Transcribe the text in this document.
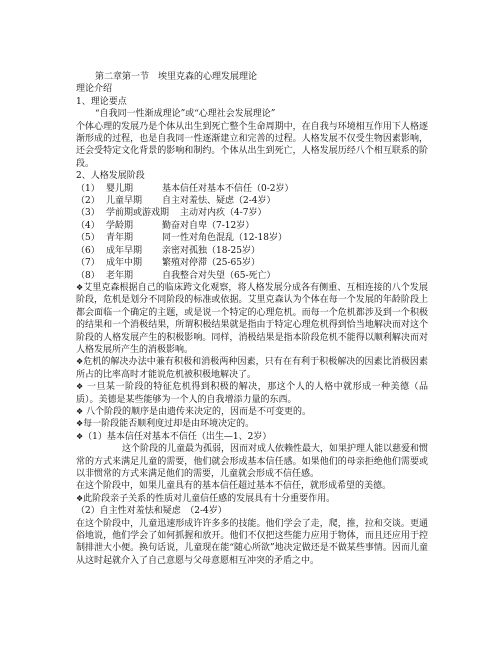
第二章第一节　埃里克森的心理发展理论
理论介绍
1、理论要点
“自我同一性渐成理论”或“心理社会发展理论”
个体心理的发展乃是个体从出生到死亡整个生命周期中，在自我与环境相互作用下人格逐渐形成的过程，也是自我同一性逐渐建立和完善的过程。人格发展不仅受生物因素影响，还会受特定文化背景的影响和制约。个体从出生到死亡，人格发展历经八个相互联系的阶段。
2、人格发展阶段
（1） 婴儿期	基本信任对基本不信任（0-2岁）
（2） 儿童早期	自主对羞怯、疑虑（2-4岁）
（3） 学前期或游戏期	主动对内疚（4-7岁）
（4） 学龄期	勤奋对自卑（7-12岁）
（5） 青年期	同一性对角色混乱（12-18岁）
（6） 成年早期	亲密对孤独（18-25岁）
（7） 成年中期	繁殖对停滞（25-65岁）
（8） 老年期	自我整合对失望（65-死亡）
❖艾里克森根据自己的临床跨文化观察，将人格发展分成各有侧重、互相连接的八个发展阶段，危机是划分不同阶段的标准或依据。艾里克森认为个体在每一个发展的年龄阶段上都会面临一个确定的主题，或是说一个特定的心理危机。而每一个危机都涉及到一个积极的结果和一个消极结果，所谓积极结果就是指由于特定心理危机得到恰当地解决而对这个阶段的人格发展产生的积极影响。同样，消极结果是指本阶段危机不能得以顺利解决而对人格发展所产生的消极影响。
❖危机的解决办法中兼有积极和消极两种因素，只有在有利于积极解决的因素比消极因素所占的比率高时才能说危机被积极地解决了。
❖ 一旦某一阶段的特征危机得到积极的解决，那这个人的人格中就形成一种美德（品质）。美德是某些能够为一个人的自我增添力量的东西。
❖ 八个阶段的顺序是由遗传来决定的，因而是不可变更的。
❖每一阶段能否顺利度过却是由环境决定的。
❖（1）基本信任对基本不信任（出生—1、2岁）
这个阶段的儿童最为孤弱，因而对成人依赖性最大，如果护理人能以慈爱和惯常的方式来满足儿童的需要，他们就会形成基本信任感。如果他们的母亲拒绝他们需要或以非惯常的方式来满足他们的需要，儿童就会形成不信任感。
在这个阶段中，如果儿童具有的基本信任超过基本不信任，就形成希望的美德。
❖此阶段亲子关系的性质对儿童信任感的发展具有十分重要作用。
（2）自主性对羞怯和疑虑　（2-4岁）
在这个阶段中，儿童迅速形成许许多多的技能。他们学会了走，爬，推，拉和交谈。更通俗地说，他们学会了如何抓握和放开。他们不仅把这些能力应用于物体，而且还应用于控制排泄大小便。换句话说，儿童现在能“随心所欲”地决定做还是不做某些事情。因而儿童从这时起就介入了自己意愿与父母意愿相互冲突的矛盾之中。
